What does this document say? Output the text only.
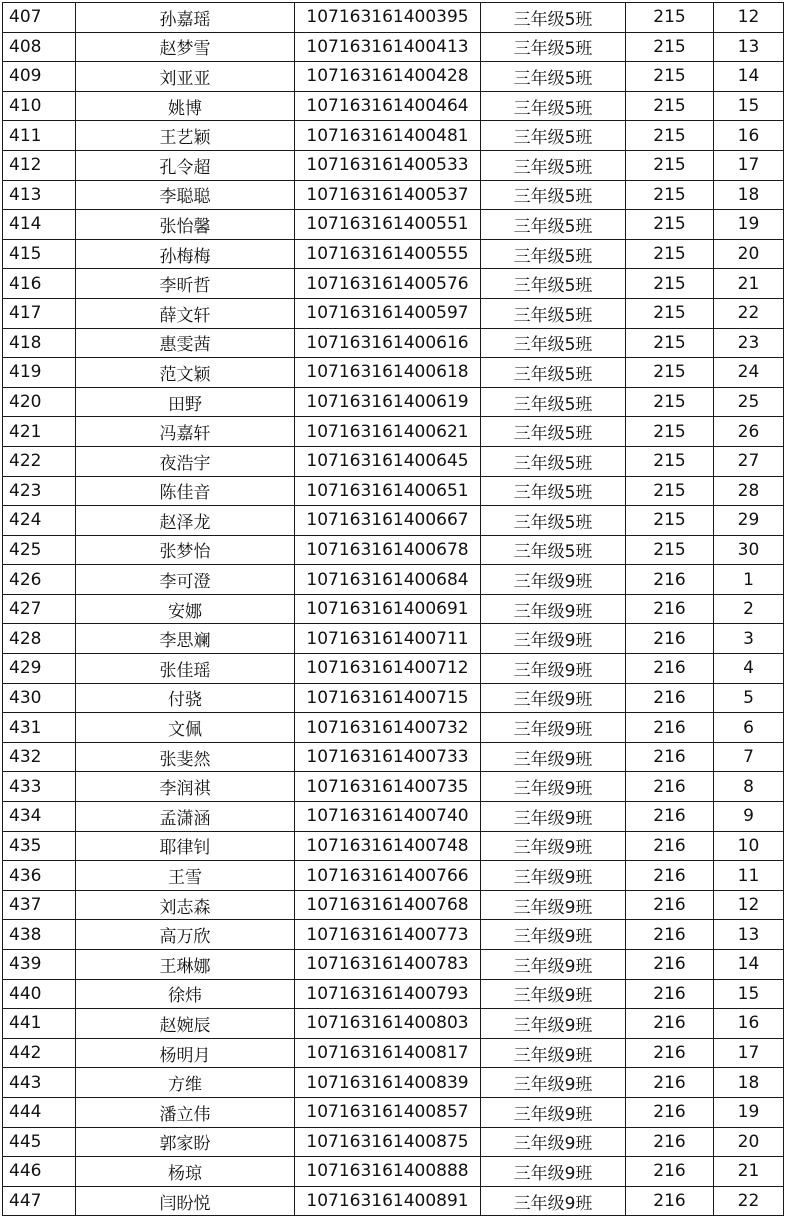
407	孙嘉瑶	107163161400395	三年级5班	215	12
408	赵梦雪	107163161400413	三年级5班	215	13
409	刘亚亚	107163161400428	三年级5班	215	14
410	姚博	107163161400464	三年级5班	215	15
411	王艺颖	107163161400481	三年级5班	215	16
412	孔令超	107163161400533	三年级5班	215	17
413	李聪聪	107163161400537	三年级5班	215	18
414	张怡馨	107163161400551	三年级5班	215	19
415	孙梅梅	107163161400555	三年级5班	215	20
416	李昕哲	107163161400576	三年级5班	215	21
417	薛文轩	107163161400597	三年级5班	215	22
418	惠雯茜	107163161400616	三年级5班	215	23
419	范文颖	107163161400618	三年级5班	215	24
420	田野	107163161400619	三年级5班	215	25
421	冯嘉轩	107163161400621	三年级5班	215	26
422	夜浩宇	107163161400645	三年级5班	215	27
423	陈佳音	107163161400651	三年级5班	215	28
424	赵泽龙	107163161400667	三年级5班	215	29
425	张梦怡	107163161400678	三年级5班	215	30
426	李可澄	107163161400684	三年级9班	216	1
427	安娜	107163161400691	三年级9班	216	2
428	李思斓	107163161400711	三年级9班	216	3
429	张佳瑶	107163161400712	三年级9班	216	4
430	付骁	107163161400715	三年级9班	216	5
431	文佩	107163161400732	三年级9班	216	6
432	张斐然	107163161400733	三年级9班	216	7
433	李润祺	107163161400735	三年级9班	216	8
434	孟潇涵	107163161400740	三年级9班	216	9
435	耶律钊	107163161400748	三年级9班	216	10
436	王雪	107163161400766	三年级9班	216	11
437	刘志森	107163161400768	三年级9班	216	12
438	高万欣	107163161400773	三年级9班	216	13
439	王琳娜	107163161400783	三年级9班	216	14
440	徐炜	107163161400793	三年级9班	216	15
441	赵婉辰	107163161400803	三年级9班	216	16
442	杨明月	107163161400817	三年级9班	216	17
443	方维	107163161400839	三年级9班	216	18
444	潘立伟	107163161400857	三年级9班	216	19
445	郭家盼	107163161400875	三年级9班	216	20
446	杨琼	107163161400888	三年级9班	216	21
447	闫盼悦	107163161400891	三年级9班	216	22
